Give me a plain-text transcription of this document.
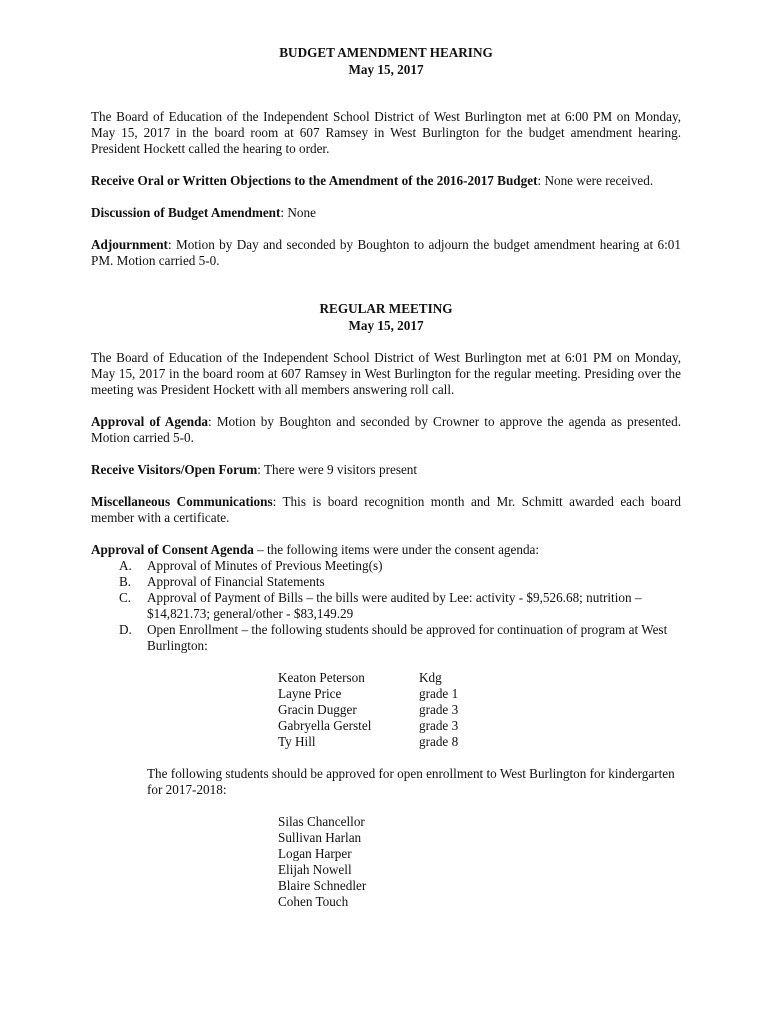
BUDGET AMENDMENT HEARING
May 15, 2017

The Board of Education of the Independent School District of West Burlington met at 6:00 PM on Monday, May 15, 2017 in the board room at 607 Ramsey in West Burlington for the budget amendment hearing. President Hockett called the hearing to order.

Receive Oral or Written Objections to the Amendment of the 2016-2017 Budget: None were received.

Discussion of Budget Amendment: None

Adjournment: Motion by Day and seconded by Boughton to adjourn the budget amendment hearing at 6:01 PM. Motion carried 5-0.

REGULAR MEETING
May 15, 2017

The Board of Education of the Independent School District of West Burlington met at 6:01 PM on Monday, May 15, 2017 in the board room at 607 Ramsey in West Burlington for the regular meeting. Presiding over the meeting was President Hockett with all members answering roll call.

Approval of Agenda: Motion by Boughton and seconded by Crowner to approve the agenda as presented. Motion carried 5-0.

Receive Visitors/Open Forum: There were 9 visitors present

Miscellaneous Communications: This is board recognition month and Mr. Schmitt awarded each board member with a certificate.

Approval of Consent Agenda – the following items were under the consent agenda:

A.	Approval of Minutes of Previous Meeting(s)
B.	Approval of Financial Statements
C.	Approval of Payment of Bills – the bills were audited by Lee: activity - $9,526.68; nutrition – $14,821.73; general/other - $83,149.29
D.	Open Enrollment – the following students should be approved for continuation of program at West Burlington:
Keaton Peterson	Kdg
Layne Price	grade 1
Gracin Dugger	grade 3
Gabryella Gerstel	grade 3
Ty Hill	grade 8

The following students should be approved for open enrollment to West Burlington for kindergarten for 2017-2018:

Silas Chancellor
Sullivan Harlan
Logan Harper
Elijah Nowell
Blaire Schnedler
Cohen Touch
